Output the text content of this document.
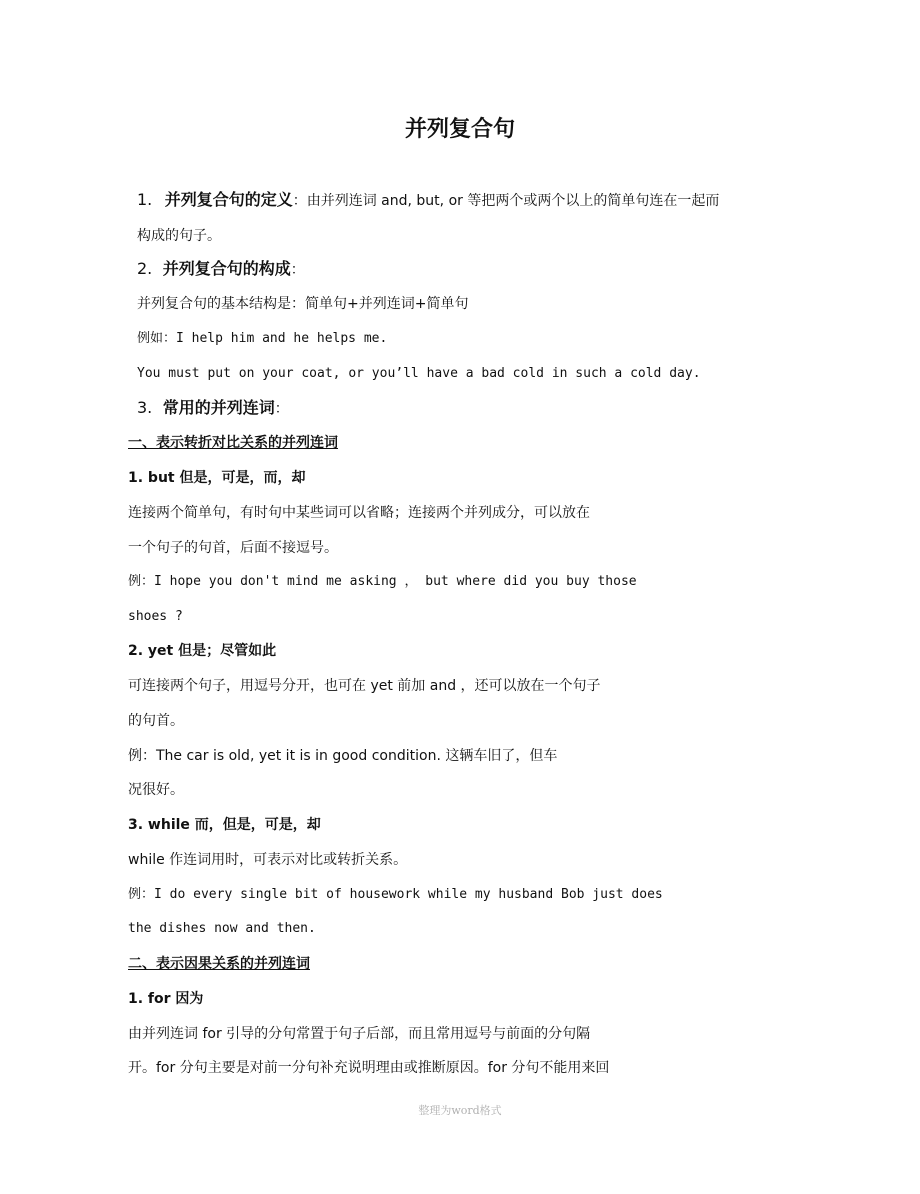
并列复合句
1. 并列复合句的定义：由并列连词 and, but, or 等把两个或两个以上的简单句连在一起而
构成的句子。
2. 并列复合句的构成：
并列复合句的基本结构是：简单句+并列连词+简单句
例如：I help him and he helps me.
You must put on your coat, or you’ll have a bad cold in such a cold day.
3. 常用的并列连词：
一、表示转折对比关系的并列连词
1. but 但是，可是，而，却
连接两个简单句，有时句中某些词可以省略；连接两个并列成分，可以放在
一个句子的句首，后面不接逗号。
例：I hope you don't mind me asking ， but where did you buy those
shoes ?
2. yet 但是；尽管如此
可连接两个句子，用逗号分开，也可在 yet 前加 and ，还可以放在一个句子
的句首。
例：The car is old, yet it is in good condition. 这辆车旧了，但车
况很好。
3. while 而，但是，可是，却
while 作连词用时，可表示对比或转折关系。
例：I do every single bit of housework while my husband Bob just does
the dishes now and then.
二、表示因果关系的并列连词
1. for 因为
由并列连词 for 引导的分句常置于句子后部，而且常用逗号与前面的分句隔
开。for 分句主要是对前一分句补充说明理由或推断原因。for 分句不能用来回
整理为word格式
